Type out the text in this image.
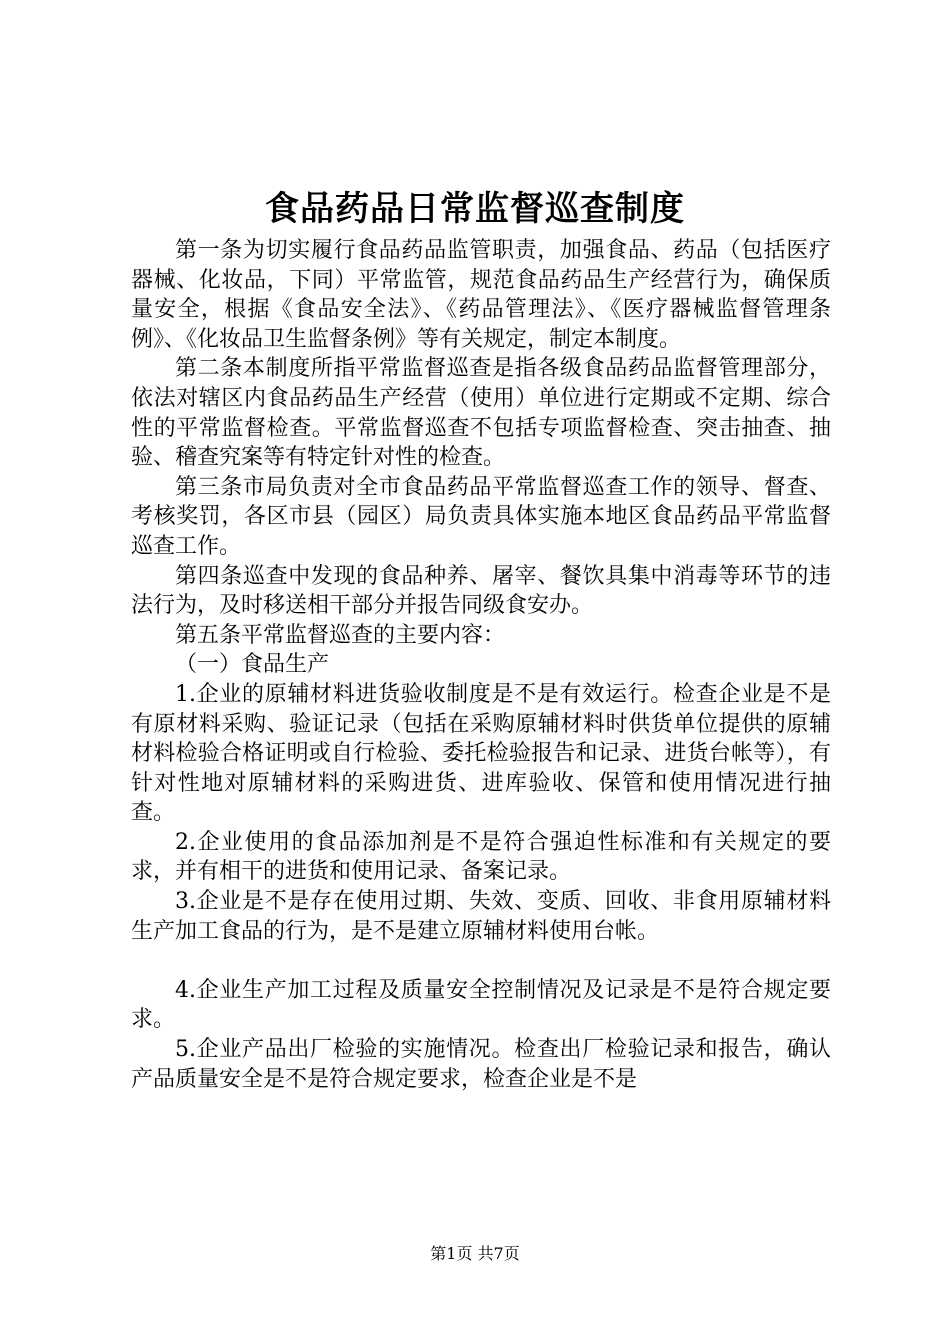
食品药品日常监督巡查制度

第一条为切实履行食品药品监管职责，加强食品、药品（包括医疗器械、化妆品，下同）平常监管，规范食品药品生产经营行为，确保质量安全，根据《食品安全法》、《药品管理法》、《医疗器械监督管理条例》、《化妆品卫生监督条例》等有关规定，制定本制度。

第二条本制度所指平常监督巡查是指各级食品药品监督管理部分，依法对辖区内食品药品生产经营（使用）单位进行定期或不定期、综合性的平常监督检查。平常监督巡查不包括专项监督检查、突击抽查、抽验、稽查究案等有特定针对性的检查。

第三条市局负责对全市食品药品平常监督巡查工作的领导、督查、考核奖罚，各区市县（园区）局负责具体实施本地区食品药品平常监督巡查工作。

第四条巡查中发现的食品种养、屠宰、餐饮具集中消毒等环节的违法行为，及时移送相干部分并报告同级食安办。

第五条平常监督巡查的主要内容：

（一）食品生产

1.企业的原辅材料进货验收制度是不是有效运行。检查企业是不是有原材料采购、验证记录（包括在采购原辅材料时供货单位提供的原辅材料检验合格证明或自行检验、委托检验报告和记录、进货台帐等），有针对性地对原辅材料的采购进货、进库验收、保管和使用情况进行抽查。

2.企业使用的食品添加剂是不是符合强迫性标准和有关规定的要求，并有相干的进货和使用记录、备案记录。

3.企业是不是存在使用过期、失效、变质、回收、非食用原辅材料生产加工食品的行为，是不是建立原辅材料使用台帐。

4.企业生产加工过程及质量安全控制情况及记录是不是符合规定要求。

5.企业产品出厂检验的实施情况。检查出厂检验记录和报告，确认产品质量安全是不是符合规定要求，检查企业是不是

第1页 共7页
